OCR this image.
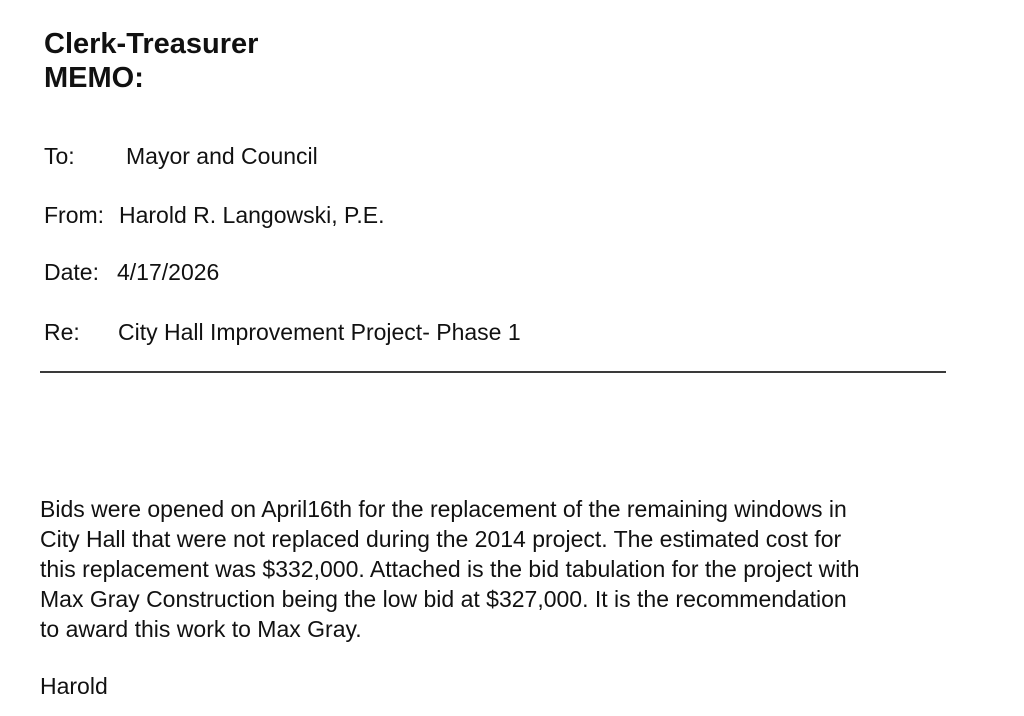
Clerk-Treasurer
MEMO:
To: Mayor and Council
From: Harold R. Langowski, P.E.
Date: 4/17/2026
Re: City Hall Improvement Project- Phase 1

Bids were opened on April16th for the replacement of the remaining windows in
City Hall that were not replaced during the 2014 project. The estimated cost for
this replacement was $332,000. Attached is the bid tabulation for the project with
Max Gray Construction being the low bid at $327,000. It is the recommendation
to award this work to Max Gray.

Harold
